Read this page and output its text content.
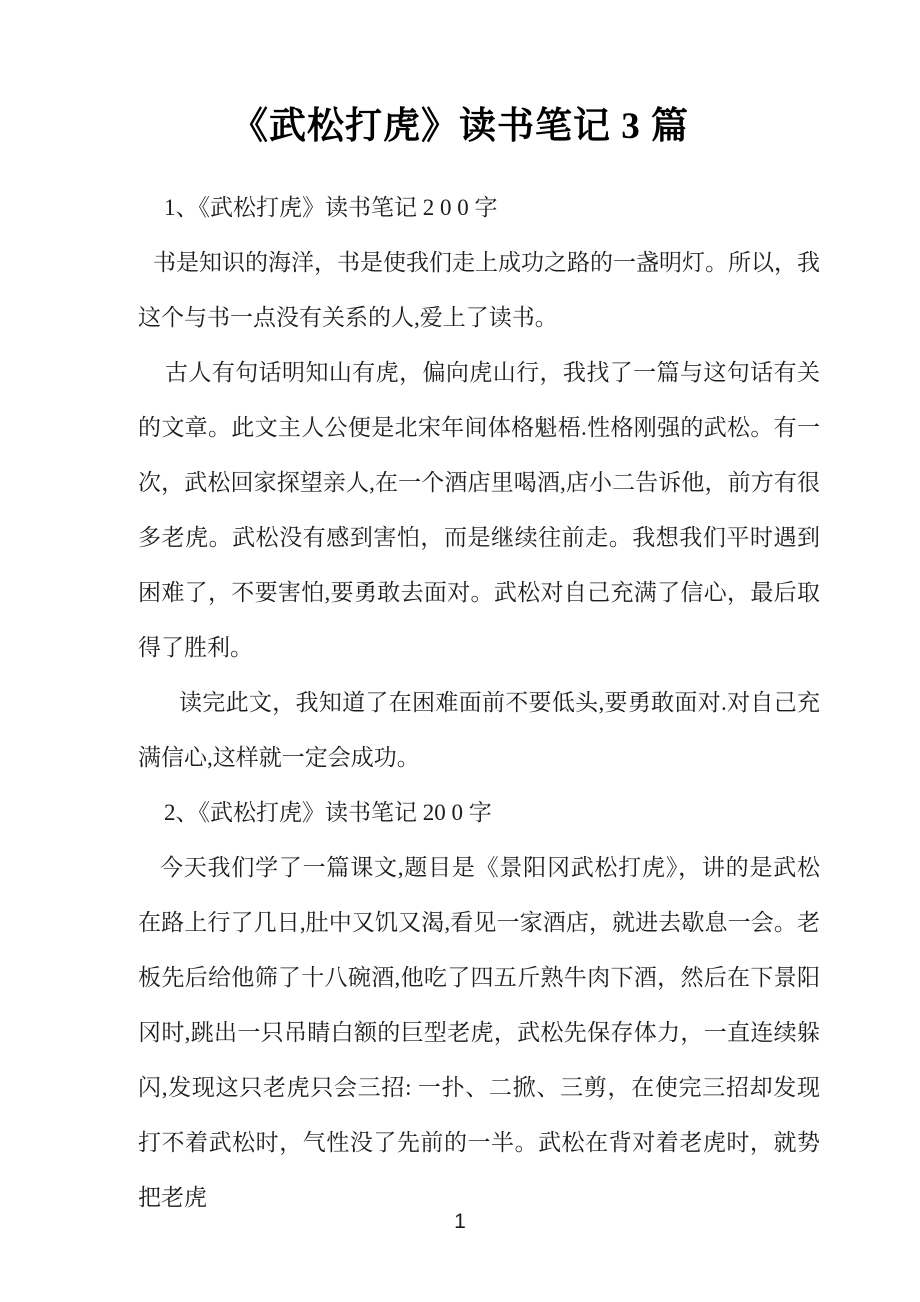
《武松打虎》读书笔记 3 篇

1、《武松打虎》读书笔记 2 0 0 字

书是知识的海洋，书是使我们走上成功之路的一盏明灯。所以，我这个与书一点没有关系的人,爱上了读书。

古人有句话明知山有虎，偏向虎山行，我找了一篇与这句话有关的文章。此文主人公便是北宋年间体格魁梧.性格刚强的武松。有一次，武松回家探望亲人,在一个酒店里喝酒,店小二告诉他，前方有很多老虎。武松没有感到害怕，而是继续往前走。我想我们平时遇到困难了，不要害怕,要勇敢去面对。武松对自己充满了信心，最后取得了胜利。

读完此文，我知道了在困难面前不要低头,要勇敢面对.对自己充满信心,这样就一定会成功。

2、《武松打虎》读书笔记 20 0 字

今天我们学了一篇课文,题目是《景阳冈武松打虎》，讲的是武松在路上行了几日,肚中又饥又渴,看见一家酒店，就进去歇息一会。老板先后给他筛了十八碗酒,他吃了四五斤熟牛肉下酒，然后在下景阳冈时,跳出一只吊睛白额的巨型老虎，武松先保存体力，一直连续躲闪,发现这只老虎只会三招: 一扑、二掀、三剪，在使完三招却发现打不着武松时，气性没了先前的一半。武松在背对着老虎时，就势把老虎

1
